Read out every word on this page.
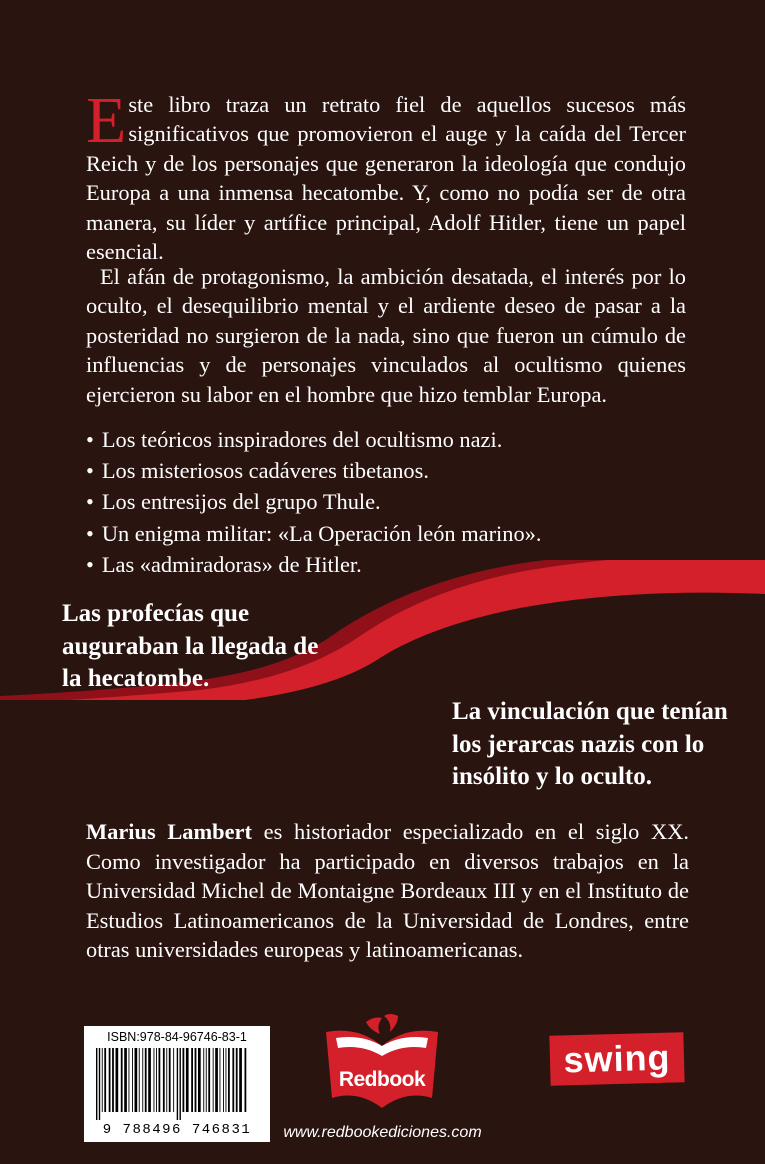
Este libro traza un retrato fiel de aquellos sucesos más significativos que promovieron el auge y la caída del Tercer Reich y de los personajes que generaron la ideología que condujo Europa a una inmensa hecatombe. Y, como no podía ser de otra manera, su líder y artífice principal, Adolf Hitler, tiene un papel esencial.

El afán de protagonismo, la ambición desatada, el interés por lo oculto, el desequilibrio mental y el ardiente deseo de pasar a la posteridad no surgieron de la nada, sino que fueron un cúmulo de influencias y de personajes vinculados al ocultismo quienes ejercieron su labor en el hombre que hizo temblar Europa.

• Los teóricos inspiradores del ocultismo nazi.
• Los misteriosos cadáveres tibetanos.
• Los entresijos del grupo Thule.
• Un enigma militar: «La Operación león marino».
• Las «admiradoras» de Hitler.

Las profecías que auguraban la llegada de la hecatombe.

La vinculación que tenían los jerarcas nazis con lo insólito y lo oculto.

Marius Lambert es historiador especializado en el siglo XX. Como investigador ha participado en diversos trabajos en la Universidad Michel de Montaigne Bordeaux III y en el Instituto de Estudios Latinoamericanos de la Universidad de Londres, entre otras universidades europeas y latinoamericanas.

ISBN:978-84-96746-83-1
9 788496 746831
Redbook	swing
www.redbookediciones.com
